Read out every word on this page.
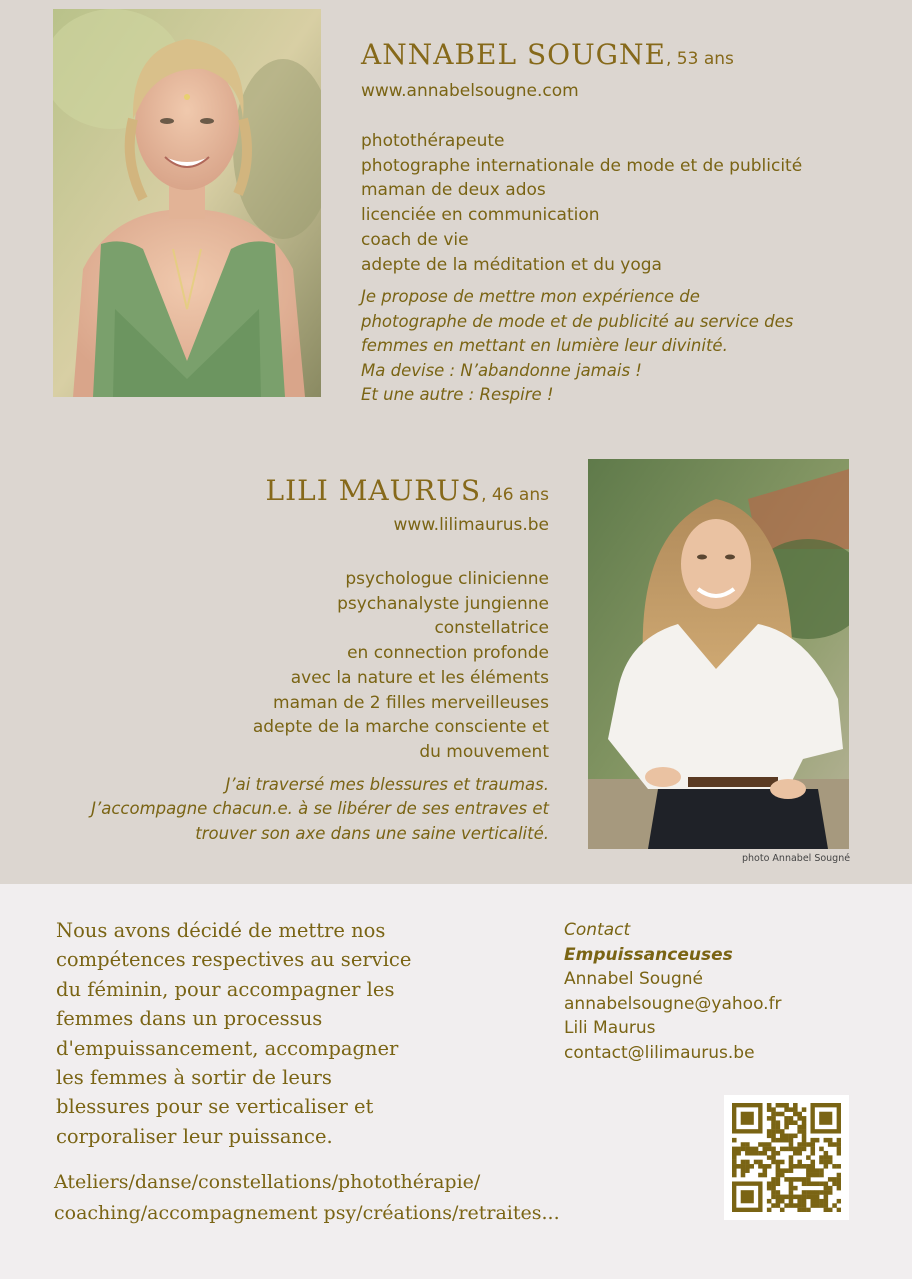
ANNABEL SOUGNE, 53 ans
www.annabelsougne.com
photothérapeute
photographe internationale de mode et de publicité
maman de deux ados
licenciée en communication
coach de vie
adepte de la méditation et du yoga
Je propose de mettre mon expérience de
photographe de mode et de publicité au service des
femmes en mettant en lumière leur divinité.
Ma devise : N’abandonne jamais !
Et une autre : Respire !
LILI MAURUS, 46 ans
www.lilimaurus.be
psychologue clinicienne
psychanalyste jungienne
constellatrice
en connection profonde
avec la nature et les éléments
maman de 2 filles merveilleuses
adepte de la marche consciente et
du mouvement
J’ai traversé mes blessures et traumas.
J’accompagne chacun.e. à se libérer de ses entraves et
trouver son axe dans une saine verticalité.
photo Annabel Sougné
Nous avons décidé de mettre nos
compétences respectives au service
du féminin, pour accompagner les
femmes dans un processus
d'empuissancement, accompagner
les femmes à sortir de leurs
blessures pour se verticaliser et
corporaliser leur puissance.
Ateliers/danse/constellations/photothérapie/
coaching/accompagnement psy/créations/retraites...
Contact
Empuissanceuses
Annabel Sougné
annabelsougne@yahoo.fr
Lili Maurus
contact@lilimaurus.be
